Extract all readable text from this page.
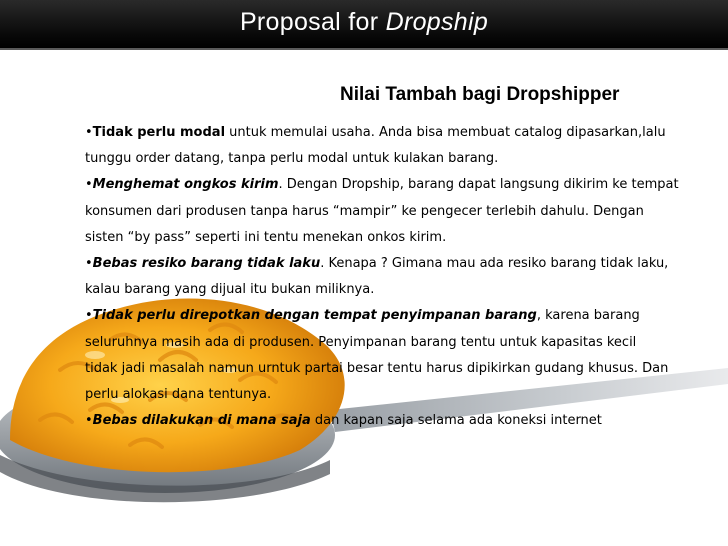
Proposal for Dropship
Nilai Tambah bagi Dropshipper

•Tidak perlu modal untuk memulai usaha. Anda bisa membuat catalog dipasarkan,lalu

tunggu order datang, tanpa perlu modal untuk kulakan barang.

•Menghemat ongkos kirim. Dengan Dropship, barang dapat langsung dikirim ke tempat

konsumen dari produsen tanpa harus “mampir” ke pengecer terlebih dahulu. Dengan

sisten “by pass” seperti ini tentu menekan onkos kirim.

•Bebas resiko barang tidak laku. Kenapa ? Gimana mau ada resiko barang tidak laku,

kalau barang yang dijual itu bukan miliknya.

•Tidak perlu direpotkan dengan tempat penyimpanan barang, karena barang

seluruhnya masih ada di produsen. Penyimpanan barang tentu untuk kapasitas kecil

tidak jadi masalah namun urntuk partai besar tentu harus dipikirkan gudang khusus. Dan

perlu alokasi dana tentunya.

•Bebas dilakukan di mana saja dan kapan saja selama ada koneksi internet
